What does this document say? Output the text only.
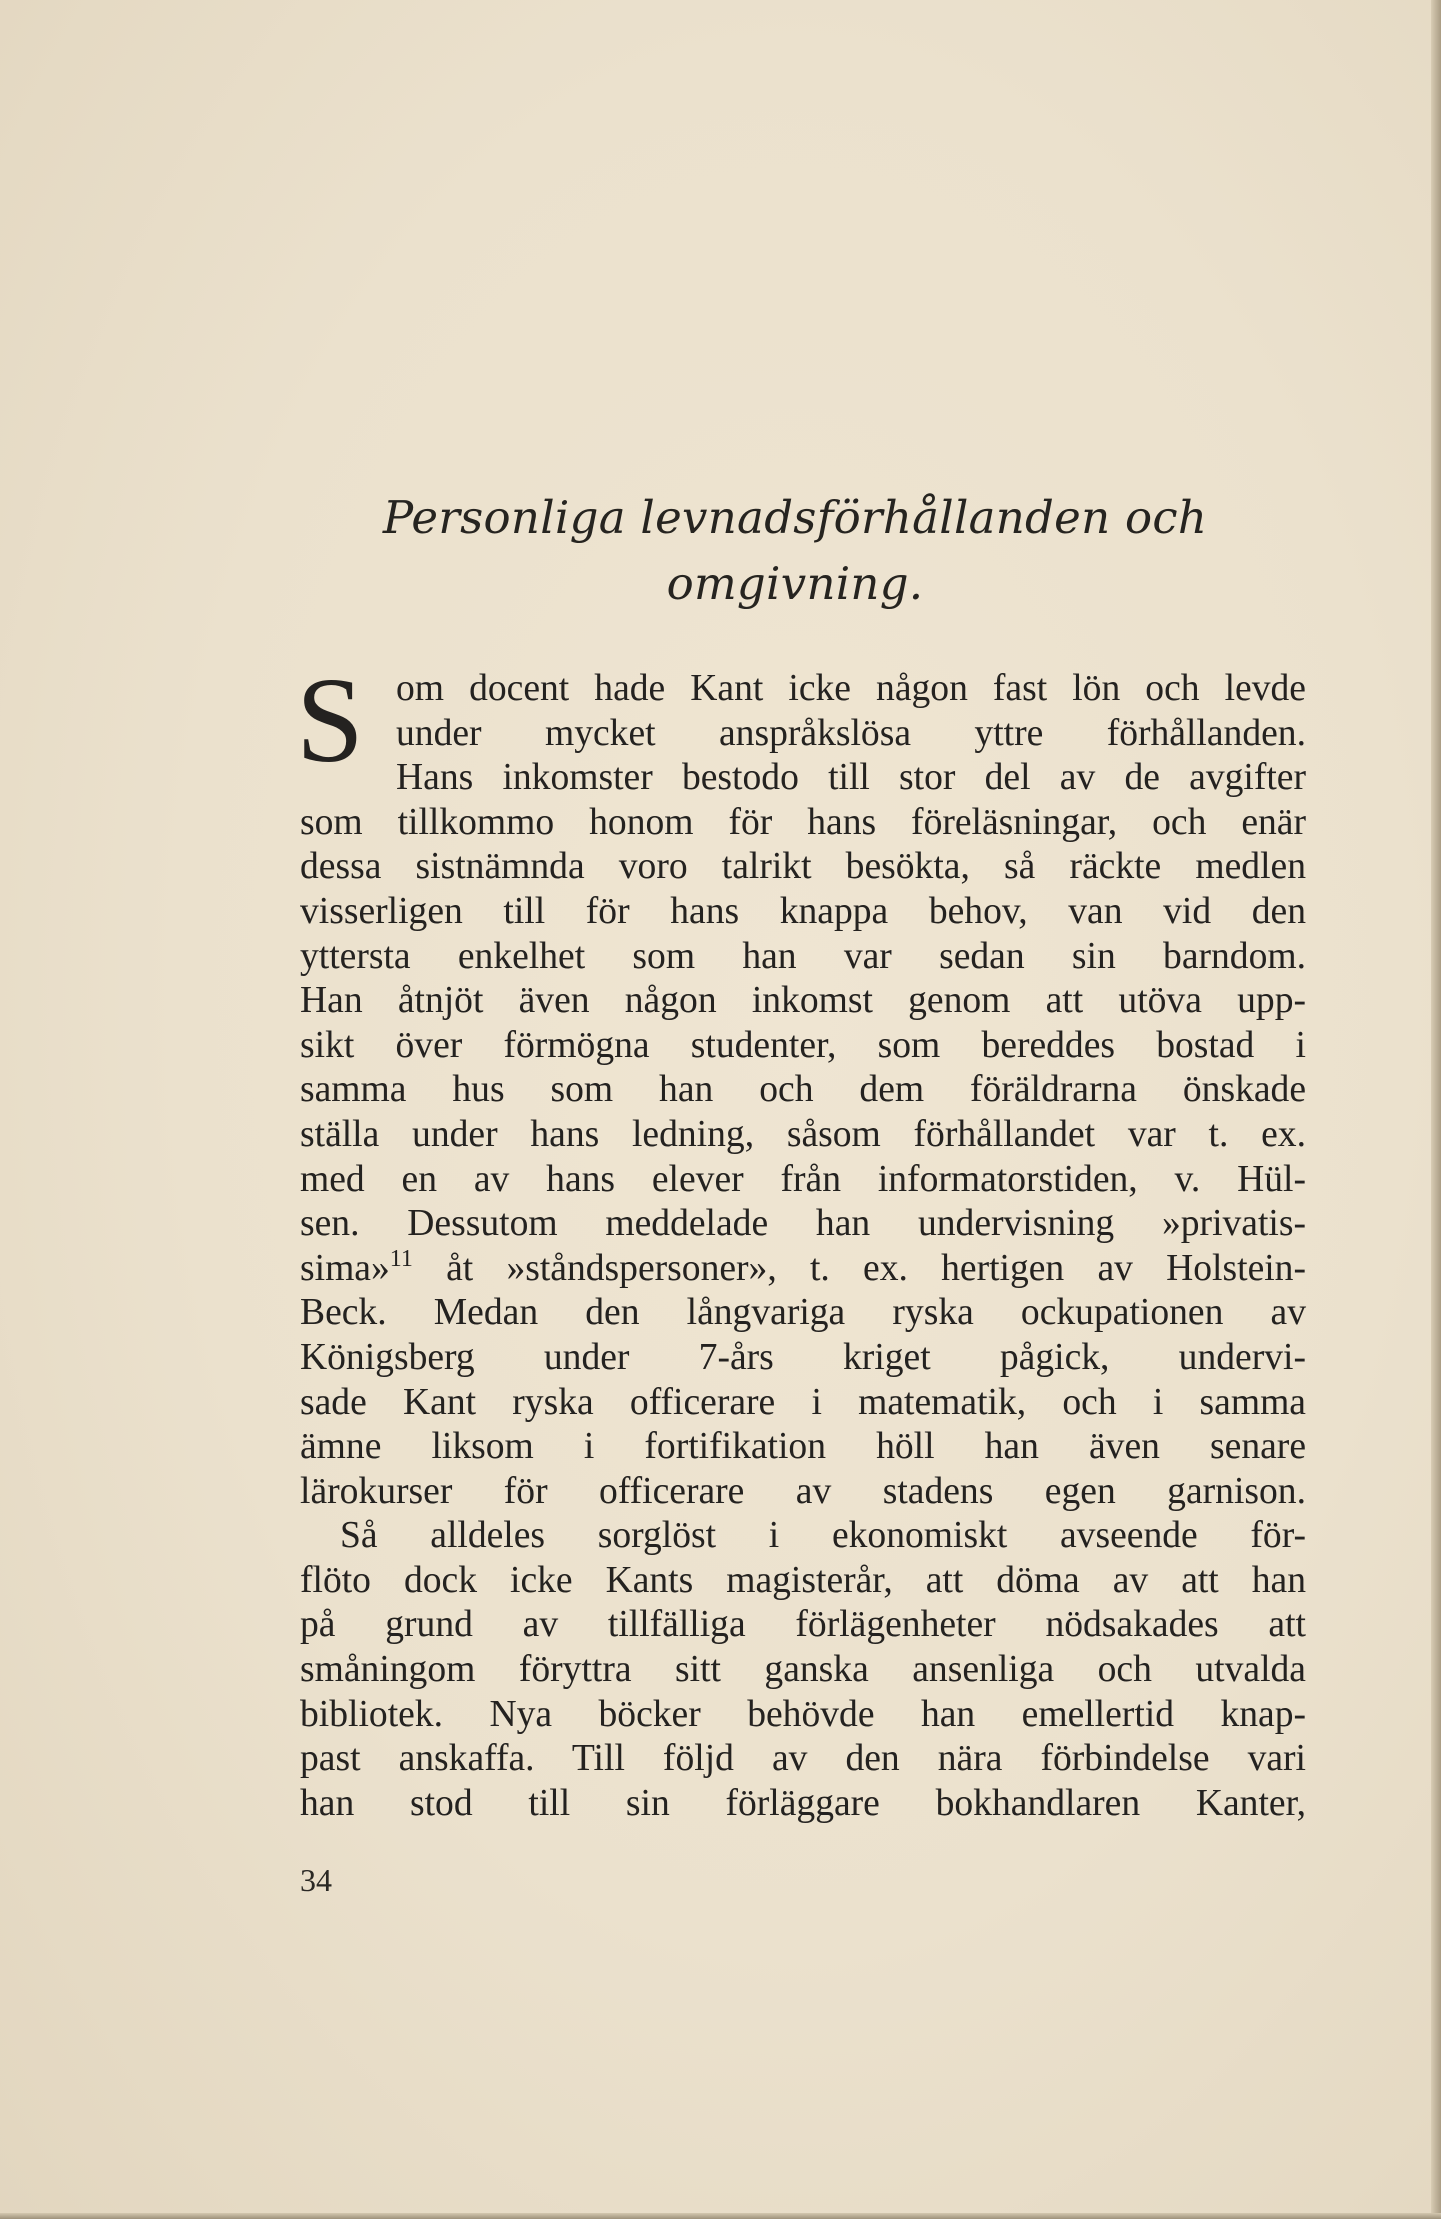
Personliga levnadsförhållanden och
omgivning.
S om docent hade Kant icke någon fast lön och levde
under mycket anspråkslösa yttre förhållanden.
Hans inkomster bestodo till stor del av de avgifter
som tillkommo honom för hans föreläsningar, och enär
dessa sistnämnda voro talrikt besökta, så räckte medlen
visserligen till för hans knappa behov, van vid den
yttersta enkelhet som han var sedan sin barndom.
Han åtnjöt även någon inkomst genom att utöva upp-
sikt över förmögna studenter, som bereddes bostad i
samma hus som han och dem föräldrarna önskade
ställa under hans ledning, såsom förhållandet var t. ex.
med en av hans elever från informatorstiden, v. Hül-
sen. Dessutom meddelade han undervisning »privatis-
sima»$^{11}$ åt »ståndspersoner», t. ex. hertigen av Holstein-
Beck. Medan den långvariga ryska ockupationen av
Königsberg under 7-års kriget pågick, undervi-
sade Kant ryska officerare i matematik, och i samma
ämne liksom i fortifikation höll han även senare
lärokurser för officerare av stadens egen garnison.
Så alldeles sorglöst i ekonomiskt avseende för-
flöto dock icke Kants magisterår, att döma av att han
på grund av tillfälliga förlägenheter nödsakades att
småningom föryttra sitt ganska ansenliga och utvalda
bibliotek. Nya böcker behövde han emellertid knap-
past anskaffa. Till följd av den nära förbindelse vari
han stod till sin förläggare bokhandlaren Kanter,
34
